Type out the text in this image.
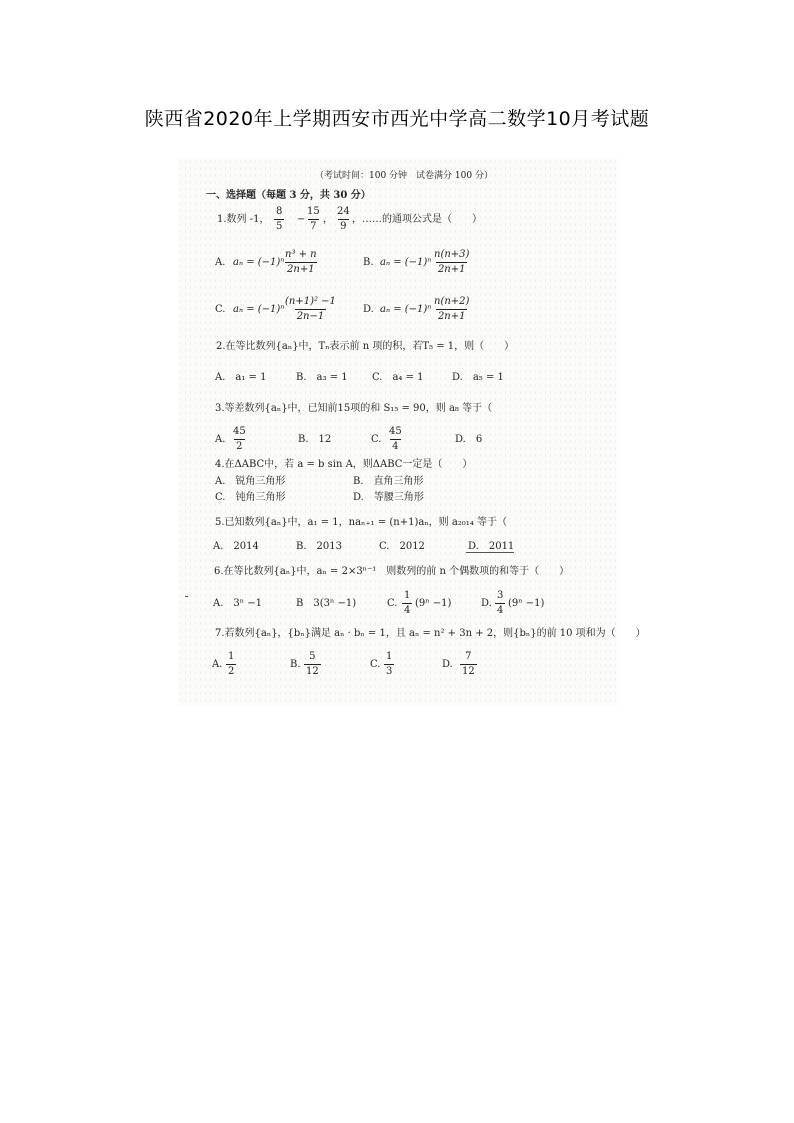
陕西省2020年上学期西安市西光中学高二数学10月考试题
（考试时间：100 分钟　试卷满分 100 分）
一、选择题（每题 3 分，共 30 分）
1.数列 -1， $\frac{8}{5} - \frac{15}{7}$ ， $\frac{24}{9}$ ，……的通项公式是（　　）
A. aₙ = (−1)ⁿ
$\frac{\text{n³ + n}}{2n+1}$	B. $a_n = (-1)^n \frac{n(n+3)}{2n+1}$
C. aₙ = (−1)ⁿ
$\frac{\text{(n+1)² −1}}{2n-1}$	D. $a_n = (-1)^n \frac{n(n+2)}{2n+1}$
2.在等比数列{aₙ}中，Tₙ表示前 n 项的积，若T₅ = 1，则（　　）
A.　a₁ = 1	B.　a₃ = 1 C.　a₄ = 1	D.　a₅ = 1
3.等差数列{aₙ}中，已知前15项的和 S₁₅ = 90，则 a₈ 等于（
A. $\frac{45}{2}$	B.　12	C. $\frac{45}{4}$	D.　6
4.在ΔABC中，若 a = b sin A，则ΔABC一定是（　　）
A.　锐角三角形	B.　直角三角形
C.　钝角三角形	D.　等腰三角形
5.已知数列{aₙ}中，a₁ = 1，naₙ₊₁ = (n+1)aₙ，则 a₂₀₁₄ 等于（
A.　2014	B.　2013	C.　2012	D.　2011
6.在等比数列{aₙ}中，aₙ = 2×3ⁿ⁻¹　则数列的前 n 个偶数项的和等于（　　）
A.　3ⁿ −1	B　3(3ⁿ −1)	C. $\frac{1}{4} (9^n -1)$	D. $\frac{3}{4} (9^n -1)$
7.若数列{aₙ}，{bₙ}满足 aₙ · bₙ = 1，且 aₙ = n² + 3n + 2，则{bₙ}的前 10 项和为（　　）
A. $\frac{1}{2}$	B. $\frac{5}{12}$	C. $\frac{1}{3}$	D. $\frac{7}{12}$
